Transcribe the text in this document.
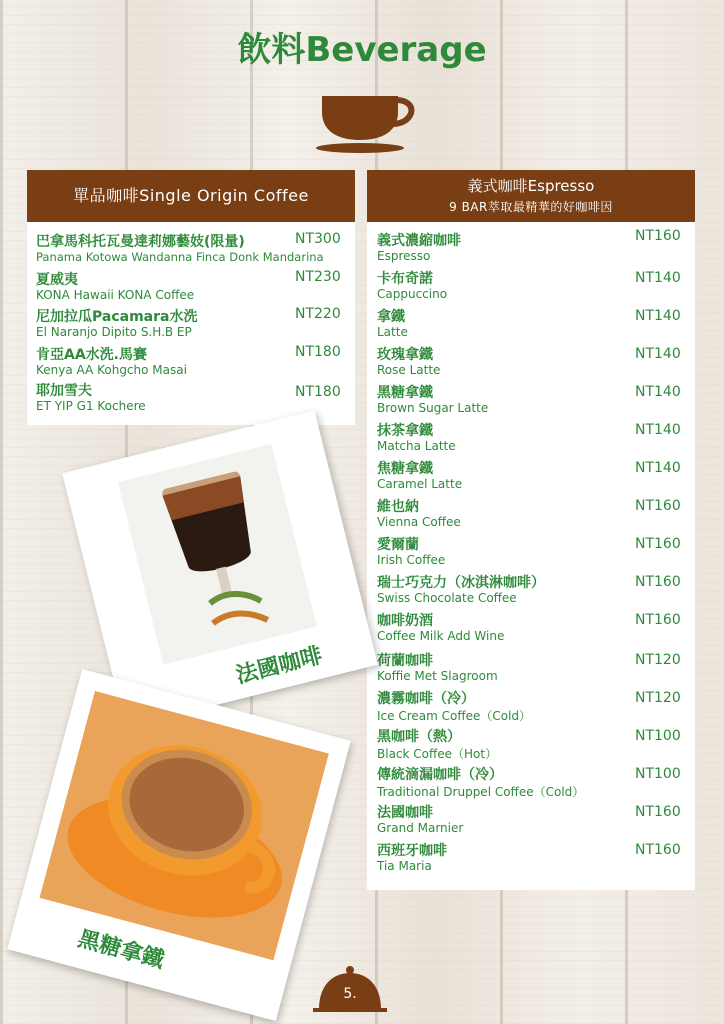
飲料Beverage
單品咖啡Single Origin Coffee
巴拿馬科托瓦曼達莉娜藝妓(限量)
Panama Kotowa Wandanna Finca Donk Mandarina
NT300
夏威夷
KONA Hawaii KONA Coffee
NT230
尼加拉瓜Pacamara水洗
El Naranjo Dipito S.H.B EP
NT220
肯亞AA水洗.馬賽
Kenya AA Kohgcho Masai
NT180
耶加雪夫
ET YIP G1 Kochere
NT180
義式咖啡Espresso
9 BAR萃取最精華的好咖啡因
義式濃縮咖啡
Espresso
NT160
卡布奇諾
Cappuccino
NT140
拿鐵
Latte
NT140
玫瑰拿鐵
Rose Latte
NT140
黑糖拿鐵
Brown Sugar Latte
NT140
抹茶拿鐵
Matcha Latte
NT140
焦糖拿鐵
Caramel Latte
NT140
維也納
Vienna Coffee
NT160
愛爾蘭
Irish Coffee
NT160
瑞士巧克力（冰淇淋咖啡）
Swiss Chocolate Coffee
NT160
咖啡奶酒
Coffee Milk Add Wine
NT160
荷蘭咖啡
Koffie Met Slagroom
NT120
濃霧咖啡（冷）
Ice Cream Coffee（Cold）
NT120
黑咖啡（熱）
Black Coffee（Hot）
NT100
傳統滴漏咖啡（冷）
Traditional Druppel Coffee（Cold）
NT100
法國咖啡
Grand Marnier
NT160
西班牙咖啡
Tia Maria
NT160
法國咖啡
黑糖拿鐵
5.
